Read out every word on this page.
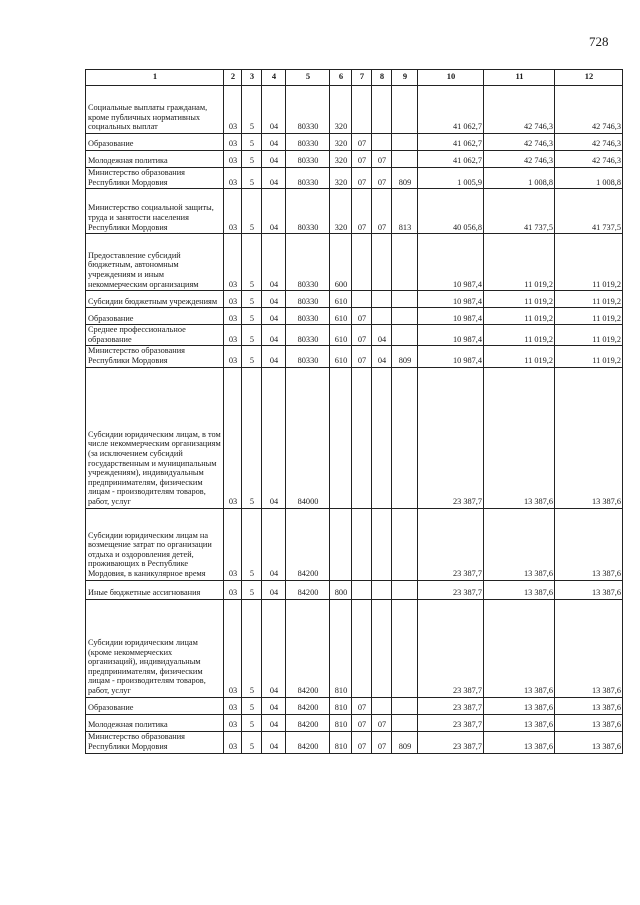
728
1	2	3	4	5	6	7	8	9	10	11	12
Социальные выплаты гражданам, кроме публичных нормативных социальных выплат	03	5	04	80330	320				41 062,7	42 746,3	42 746,3
Образование	03	5	04	80330	320	07			41 062,7	42 746,3	42 746,3
Молодежная политика	03	5	04	80330	320	07	07		41 062,7	42 746,3	42 746,3
Министерство образования Республики Мордовия	03	5	04	80330	320	07	07	809	1 005,9	1 008,8	1 008,8
Министерство социальной защиты, труда и занятости населения Республики Мордовия	03	5	04	80330	320	07	07	813	40 056,8	41 737,5	41 737,5
Предоставление субсидий бюджетным, автономным учреждениям и иным некоммерческим организациям	03	5	04	80330	600				10 987,4	11 019,2	11 019,2
Субсидии бюджетным учреждениям	03	5	04	80330	610				10 987,4	11 019,2	11 019,2
Образование	03	5	04	80330	610	07			10 987,4	11 019,2	11 019,2
Среднее профессиональное образование	03	5	04	80330	610	07	04		10 987,4	11 019,2	11 019,2
Министерство образования Республики Мордовия	03	5	04	80330	610	07	04	809	10 987,4	11 019,2	11 019,2
Субсидии юридическим лицам, в том числе некоммерческим организациям (за исключением субсидий государственным и муниципальным учреждениям), индивидуальным предпринимателям, физическим лицам - производителям товаров, работ, услуг	03	5	04	84000					23 387,7	13 387,6	13 387,6
Субсидии юридическим лицам на возмещение затрат по организации отдыха и оздоровления детей, проживающих в Республике Мордовия, в каникулярное время	03	5	04	84200					23 387,7	13 387,6	13 387,6
Иные бюджетные ассигнования	03	5	04	84200	800				23 387,7	13 387,6	13 387,6
Субсидии юридическим лицам (кроме некоммерческих организаций), индивидуальным предпринимателям, физическим лицам - производителям товаров, работ, услуг	03	5	04	84200	810				23 387,7	13 387,6	13 387,6
Образование	03	5	04	84200	810	07			23 387,7	13 387,6	13 387,6
Молодежная политика	03	5	04	84200	810	07	07		23 387,7	13 387,6	13 387,6
Министерство образования Республики Мордовия	03	5	04	84200	810	07	07	809	23 387,7	13 387,6	13 387,6
